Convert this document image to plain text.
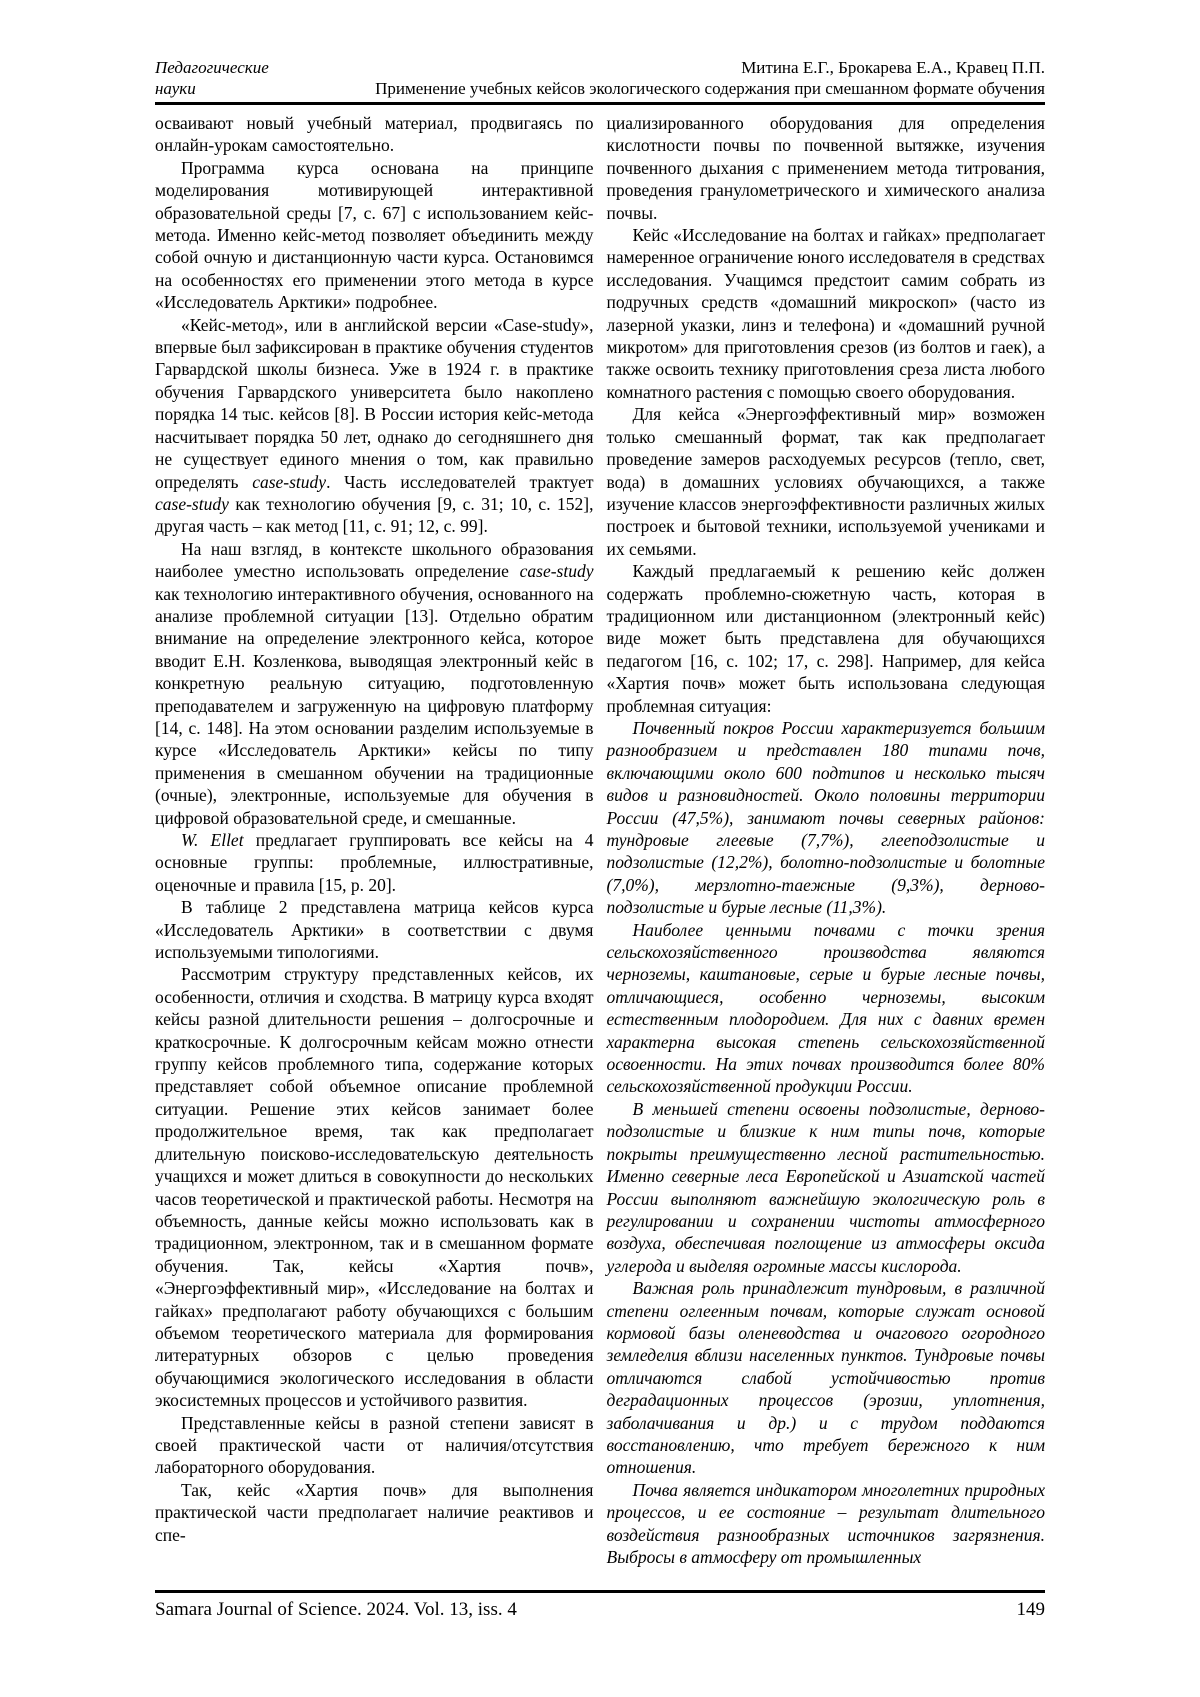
Педагогические
науки
Митина Е.Г., Брокарева Е.А., Кравец П.П.
Применение учебных кейсов экологического содержания при смешанном формате обучения

осваивают новый учебный материал, продвигаясь по онлайн-урокам самостоятельно.

Программа курса основана на принципе моделирования мотивирующей интерактивной образовательной среды [7, с. 67] с использованием кейс-метода. Именно кейс-метод позволяет объединить между собой очную и дистанционную части курса. Остановимся на особенностях его применении этого метода в курсе «Исследователь Арктики» подробнее.

«Кейс-метод», или в английской версии «Case-study», впервые был зафиксирован в практике обучения студентов Гарвардской школы бизнеса. Уже в 1924 г. в практике обучения Гарвардского университета было накоплено порядка 14 тыс. кейсов [8]. В России история кейс-метода насчитывает порядка 50 лет, однако до сегодняшнего дня не существует единого мнения о том, как правильно определять case-study. Часть исследователей трактует case-study как технологию обучения [9, с. 31; 10, с. 152], другая часть – как метод [11, с. 91; 12, с. 99].

На наш взгляд, в контексте школьного образования наиболее уместно использовать определение case-study как технологию интерактивного обучения, основанного на анализе проблемной ситуации [13]. Отдельно обратим внимание на определение электронного кейса, которое вводит Е.Н. Козленкова, выводящая электронный кейс в конкретную реальную ситуацию, подготовленную преподавателем и загруженную на цифровую платформу [14, с. 148]. На этом основании разделим используемые в курсе «Исследователь Арктики» кейсы по типу применения в смешанном обучении на традиционные (очные), электронные, используемые для обучения в цифровой образовательной среде, и смешанные.

W. Ellet предлагает группировать все кейсы на 4 основные группы: проблемные, иллюстративные, оценочные и правила [15, p. 20].

В таблице 2 представлена матрица кейсов курса «Исследователь Арктики» в соответствии с двумя используемыми типологиями.

Рассмотрим структуру представленных кейсов, их особенности, отличия и сходства. В матрицу курса входят кейсы разной длительности решения – долгосрочные и краткосрочные. К долгосрочным кейсам можно отнести группу кейсов проблемного типа, содержание которых представляет собой объемное описание проблемной ситуации. Решение этих кейсов занимает более продолжительное время, так как предполагает длительную поисково-исследовательскую деятельность учащихся и может длиться в совокупности до нескольких часов теоретической и практической работы. Несмотря на объемность, данные кейсы можно использовать как в традиционном, электронном, так и в смешанном формате обучения. Так, кейсы «Хартия почв», «Энергоэффективный мир», «Исследование на болтах и гайках» предполагают работу обучающихся с большим объемом теоретического материала для формирования литературных обзоров с целью проведения обучающимися экологического исследования в области экосистемных процессов и устойчивого развития.

Представленные кейсы в разной степени зависят в своей практической части от наличия/отсутствия лабораторного оборудования.

Так, кейс «Хартия почв» для выполнения практической части предполагает наличие реактивов и спе-

циализированного оборудования для определения кислотности почвы по почвенной вытяжке, изучения почвенного дыхания с применением метода титрования, проведения гранулометрического и химического анализа почвы.

Кейс «Исследование на болтах и гайках» предполагает намеренное ограничение юного исследователя в средствах исследования. Учащимся предстоит самим собрать из подручных средств «домашний микроскоп» (часто из лазерной указки, линз и телефона) и «домашний ручной микротом» для приготовления срезов (из болтов и гаек), а также освоить технику приготовления среза листа любого комнатного растения с помощью своего оборудования.

Для кейса «Энергоэффективный мир» возможен только смешанный формат, так как предполагает проведение замеров расходуемых ресурсов (тепло, свет, вода) в домашних условиях обучающихся, а также изучение классов энергоэффективности различных жилых построек и бытовой техники, используемой учениками и их семьями.

Каждый предлагаемый к решению кейс должен содержать проблемно-сюжетную часть, которая в традиционном или дистанционном (электронный кейс) виде может быть представлена для обучающихся педагогом [16, с. 102; 17, с. 298]. Например, для кейса «Хартия почв» может быть использована следующая проблемная ситуация:

Почвенный покров России характеризуется большим разнообразием и представлен 180 типами почв, включающими около 600 подтипов и несколько тысяч видов и разновидностей. Около половины территории России (47,5%), занимают почвы северных районов: тундровые глеевые (7,7%), глееподзолистые и подзолистые (12,2%), болотно-подзолистые и болотные (7,0%), мерзлотно-таежные (9,3%), дерново-подзолистые и бурые лесные (11,3%).

Наиболее ценными почвами с точки зрения сельскохозяйственного производства являются черноземы, каштановые, серые и бурые лесные почвы, отличающиеся, особенно черноземы, высоким естественным плодородием. Для них с давних времен характерна высокая степень сельскохозяйственной освоенности. На этих почвах производится более 80% сельскохозяйственной продукции России.

В меньшей степени освоены подзолистые, дерново-подзолистые и близкие к ним типы почв, которые покрыты преимущественно лесной растительностью. Именно северные леса Европейской и Азиатской частей России выполняют важнейшую экологическую роль в регулировании и сохранении чистоты атмосферного воздуха, обеспечивая поглощение из атмосферы оксида углерода и выделяя огромные массы кислорода.

Важная роль принадлежит тундровым, в различной степени оглеенным почвам, которые служат основой кормовой базы оленеводства и очагового огородного земледелия вблизи населенных пунктов. Тундровые почвы отличаются слабой устойчивостью против деградационных процессов (эрозии, уплотнения, заболачивания и др.) и с трудом поддаются восстановлению, что требует бережного к ним отношения.

Почва является индикатором многолетних природных процессов, и ее состояние – результат длительного воздействия разнообразных источников загрязнения. Выбросы в атмосферу от промышленных

Samara Journal of Science. 2024. Vol. 13, iss. 4	149
